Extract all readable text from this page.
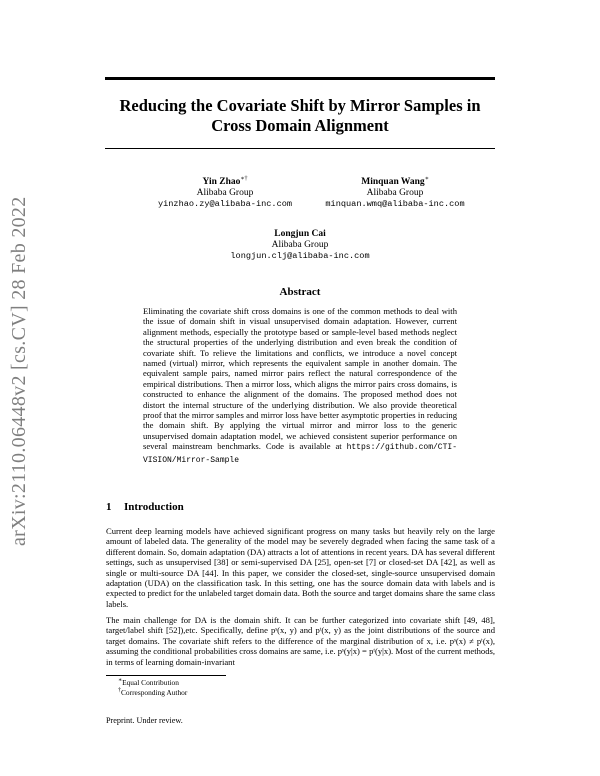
arXiv:2110.06448v2 [cs.CV] 28 Feb 2022
Reducing the Covariate Shift by Mirror Samples in
Cross Domain Alignment
Yin Zhao∗†
Alibaba Group
yinzhao.zy@alibaba-inc.com
Minquan Wang∗
Alibaba Group
minquan.wmq@alibaba-inc.com
Longjun Cai
Alibaba Group
longjun.clj@alibaba-inc.com
Abstract
Eliminating the covariate shift cross domains is one of the common methods to deal with the issue of domain shift in visual unsupervised domain adaptation. However, current alignment methods, especially the prototype based or sample-level based methods neglect the structural properties of the underlying distribution and even break the condition of covariate shift. To relieve the limitations and conflicts, we introduce a novel concept named (virtual) mirror, which represents the equivalent sample in another domain. The equivalent sample pairs, named mirror pairs reflect the natural correspondence of the empirical distributions. Then a mirror loss, which aligns the mirror pairs cross domains, is constructed to enhance the alignment of the domains. The proposed method does not distort the internal structure of the underlying distribution. We also provide theoretical proof that the mirror samples and mirror loss have better asymptotic properties in reducing the domain shift. By applying the virtual mirror and mirror loss to the generic unsupervised domain adaptation model, we achieved consistent superior performance on several mainstream benchmarks. Code is available at https://github.com/CTI-VISION/Mirror-Sample
1 Introduction
Current deep learning models have achieved significant progress on many tasks but heavily rely on the large amount of labeled data. The generality of the model may be severely degraded when facing the same task of a different domain. So, domain adaptation (DA) attracts a lot of attentions in recent years. DA has several different settings, such as unsupervised [38] or semi-supervised DA [25], open-set [7] or closed-set DA [42], as well as single or multi-source DA [44]. In this paper, we consider the closed-set, single-source unsupervised domain adaptation (UDA) on the classification task. In this setting, one has the source domain data with labels and is expected to predict for the unlabeled target domain data. Both the source and target domains share the same class labels.
The main challenge for DA is the domain shift. It can be further categorized into covariate shift [49, 48], target/label shift [52]),etc. Specifically, define pˢ(x, y) and pᵗ(x, y) as the joint distributions of the source and target domains. The covariate shift refers to the difference of the marginal distribution of x, i.e. pˢ(x) ≠ pᵗ(x), assuming the conditional probabilities cross domains are same, i.e. pˢ(y|x) = pᵗ(y|x). Most of the current methods, in terms of learning domain-invariant
∗Equal Contribution
†Corresponding Author
Preprint. Under review.
